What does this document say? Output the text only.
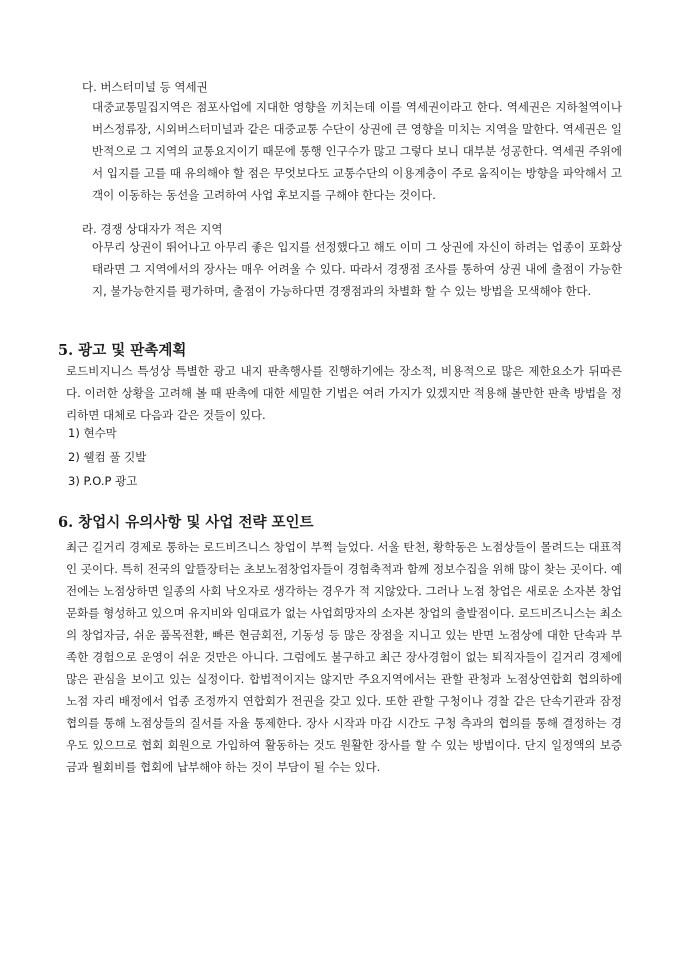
다. 버스터미널 등 역세권

대중교통밀집지역은 점포사업에 지대한 영향을 끼치는데 이를 역세권이라고 한다. 역세권은 지하철역이나 버스정류장, 시외버스터미널과 같은 대중교통 수단이 상권에 큰 영향을 미치는 지역을 말한다. 역세권은 일반적으로 그 지역의 교통요지이기 때문에 통행 인구수가 많고 그렇다 보니 대부분 성공한다. 역세권 주위에서 입지를 고를 때 유의해야 할 점은 무엇보다도 교통수단의 이용계층이 주로 움직이는 방향을 파악해서 고객이 이동하는 동선을 고려하여 사업 후보지를 구해야 한다는 것이다.

라. 경쟁 상대자가 적은 지역

아무리 상권이 뛰어나고 아무리 좋은 입지를 선정했다고 해도 이미 그 상권에 자신이 하려는 업종이 포화상태라면 그 지역에서의 장사는 매우 어려울 수 있다. 따라서 경쟁점 조사를 통하여 상권 내에 출점이 가능한지, 불가능한지를 평가하며, 출점이 가능하다면 경쟁점과의 차별화 할 수 있는 방법을 모색해야 한다.

5. 광고 및 판촉계획

로드비지니스 특성상 특별한 광고 내지 판촉행사를 진행하기에는 장소적, 비용적으로 많은 제한요소가 뒤따른다. 이러한 상황을 고려해 볼 때 판촉에 대한 세밀한 기법은 여러 가지가 있겠지만 적용해 볼만한 판촉 방법을 정리하면 대체로 다음과 같은 것들이 있다.

1) 현수막
2) 웰컴 풀 깃발
3) P.O.P 광고
6. 창업시 유의사항 및 사업 전략 포인트

최근 길거리 경제로 통하는 로드비즈니스 창업이 부쩍 늘었다. 서울 탄천, 황학동은 노점상들이 몰려드는 대표적인 곳이다. 특히 전국의 알뜰장터는 초보노점창업자들이 경험축적과 함께 정보수집을 위해 많이 찾는 곳이다. 예전에는 노점상하면 일종의 사회 낙오자로 생각하는 경우가 적 지않았다. 그러나 노점 창업은 새로운 소자본 창업문화를 형성하고 있으며 유지비와 임대료가 없는 사업희망자의 소자본 창업의 출발점이다. 로드비즈니스는 최소의 창업자금, 쉬운 품목전환, 빠른 현금회전, 기동성 등 많은 장점을 지니고 있는 반면 노점상에 대한 단속과 부족한 경험으로 운영이 쉬운 것만은 아니다. 그럼에도 불구하고 최근 장사경험이 없는 퇴직자들이 길거리 경제에 많은 관심을 보이고 있는 실정이다. 합법적이지는 않지만 주요지역에서는 관할 관청과 노점상연합회 협의하에 노점 자리 배정에서 업종 조정까지 연합회가 전권을 갖고 있다. 또한 관할 구청이나 경찰 같은 단속기관과 잠정 협의를 통해 노점상들의 질서를 자율 통제한다. 장사 시작과 마감 시간도 구청 측과의 협의를 통해 결정하는 경우도 있으므로 협회 회원으로 가입하여 활동하는 것도 원활한 장사를 할 수 있는 방법이다. 단지 일정액의 보증금과 월회비를 협회에 납부해야 하는 것이 부담이 될 수는 있다.
